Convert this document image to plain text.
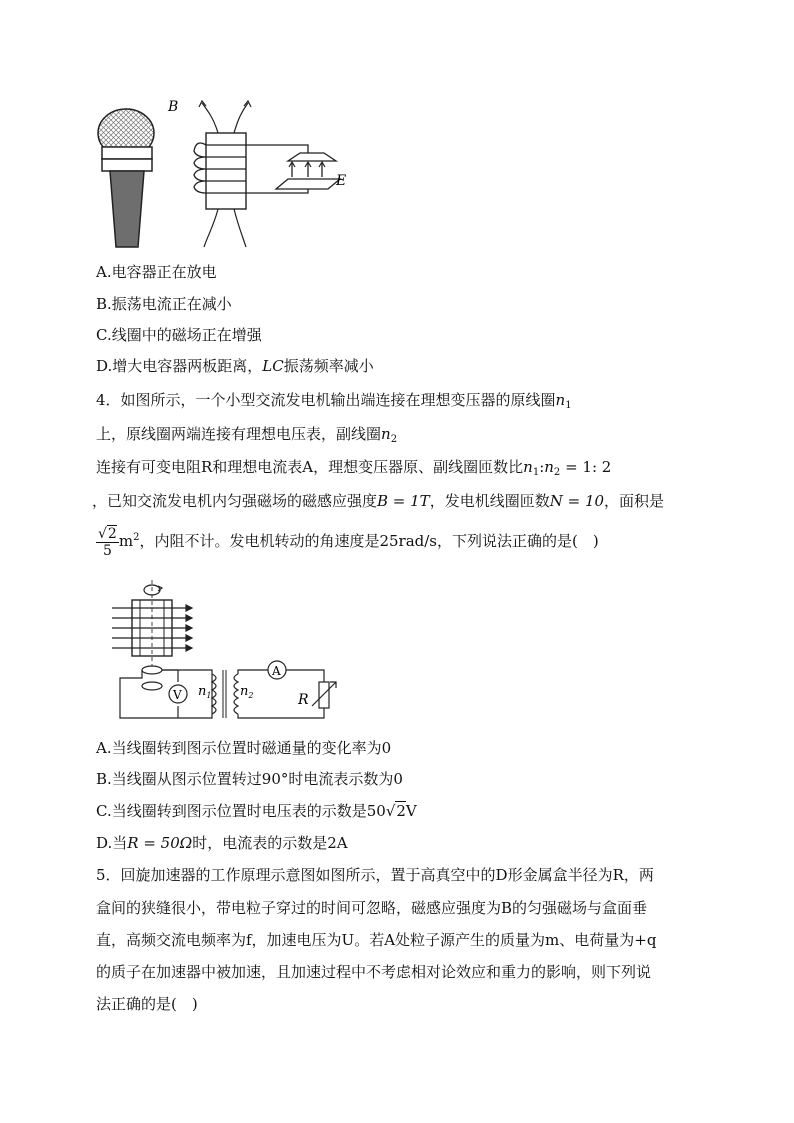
B
E
A.电容器正在放电
B.振荡电流正在减小
C.线圈中的磁场正在增强
D.增大电容器两板距离，LC振荡频率减小
4．如图所示，一个小型交流发电机输出端连接在理想变压器的原线圈$n_1$
上，原线圈两端连接有理想电压表，副线圈$n_2$
连接有可变电阻R和理想电流表A，理想变压器原、副线圈匝数比$n_1:n_2 = 1$: 2
，已知交流发电机内匀强磁场的磁感应强度B = 1T，发电机线圈匝数N = 10，面积是
$\frac{√2}{5} m^2$，内阻不计。发电机转动的角速度是25rad/s，下列说法正确的是(　)
V $n_1$ $n_2$
A
R
A.当线圈转到图示位置时磁通量的变化率为0
B.当线圈从图示位置转过90°时电流表示数为0
C.当线圈转到图示位置时电压表的示数是50√2V
D.当R = 50Ω时，电流表的示数是2A
5．回旋加速器的工作原理示意图如图所示，置于高真空中的D形金属盒半径为R，两
盒间的狭缝很小，带电粒子穿过的时间可忽略，磁感应强度为B的匀强磁场与盒面垂
直，高频交流电频率为f，加速电压为U。若A处粒子源产生的质量为m、电荷量为+q
的质子在加速器中被加速，且加速过程中不考虑相对论效应和重力的影响，则下列说
法正确的是(　)
